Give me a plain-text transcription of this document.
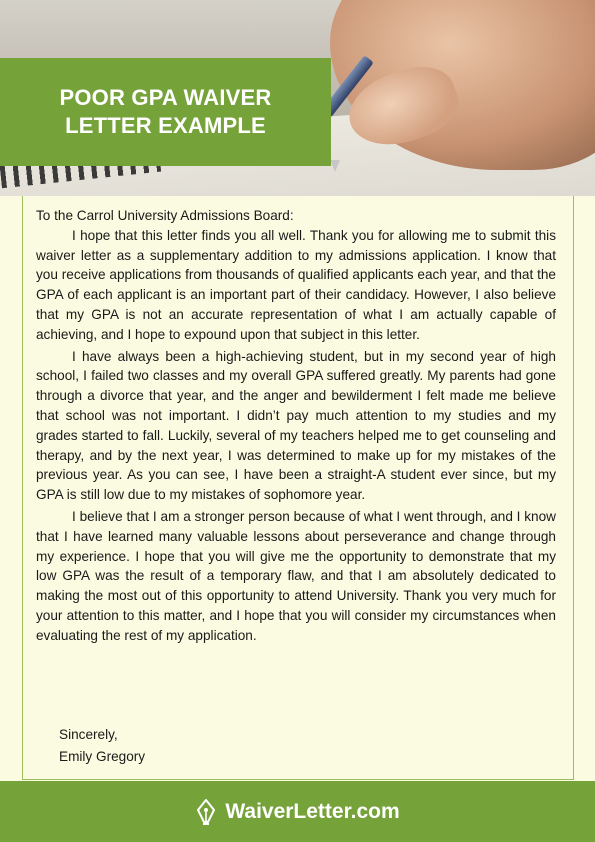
POOR GPA WAIVER
LETTER EXAMPLE

To the Carrol University Admissions Board:

I hope that this letter finds you all well. Thank you for allowing me to submit this waiver letter as a supplementary addition to my admissions application. I know that you receive applications from thousands of qualified applicants each year, and that the GPA of each applicant is an important part of their candidacy. However, I also believe that my GPA is not an accurate representation of what I am actually capable of achieving, and I hope to expound upon that subject in this letter.

I have always been a high-achieving student, but in my second year of high school, I failed two classes and my overall GPA suffered greatly. My parents had gone through a divorce that year, and the anger and bewilderment I felt made me believe that school was not important. I didn’t pay much attention to my studies and my grades started to fall. Luckily, several of my teachers helped me to get counseling and therapy, and by the next year, I was determined to make up for my mistakes of the previous year. As you can see, I have been a straight-A student ever since, but my GPA is still low due to my mistakes of sophomore year.

I believe that I am a stronger person because of what I went through, and I know that I have learned many valuable lessons about perseverance and change through my experience. I hope that you will give me the opportunity to demonstrate that my low GPA was the result of a temporary flaw, and that I am absolutely dedicated to making the most out of this opportunity to attend University. Thank you very much for your attention to this matter, and I hope that you will consider my circumstances when evaluating the rest of my application.

Sincerely,
Emily Gregory
WaiverLetter.com
